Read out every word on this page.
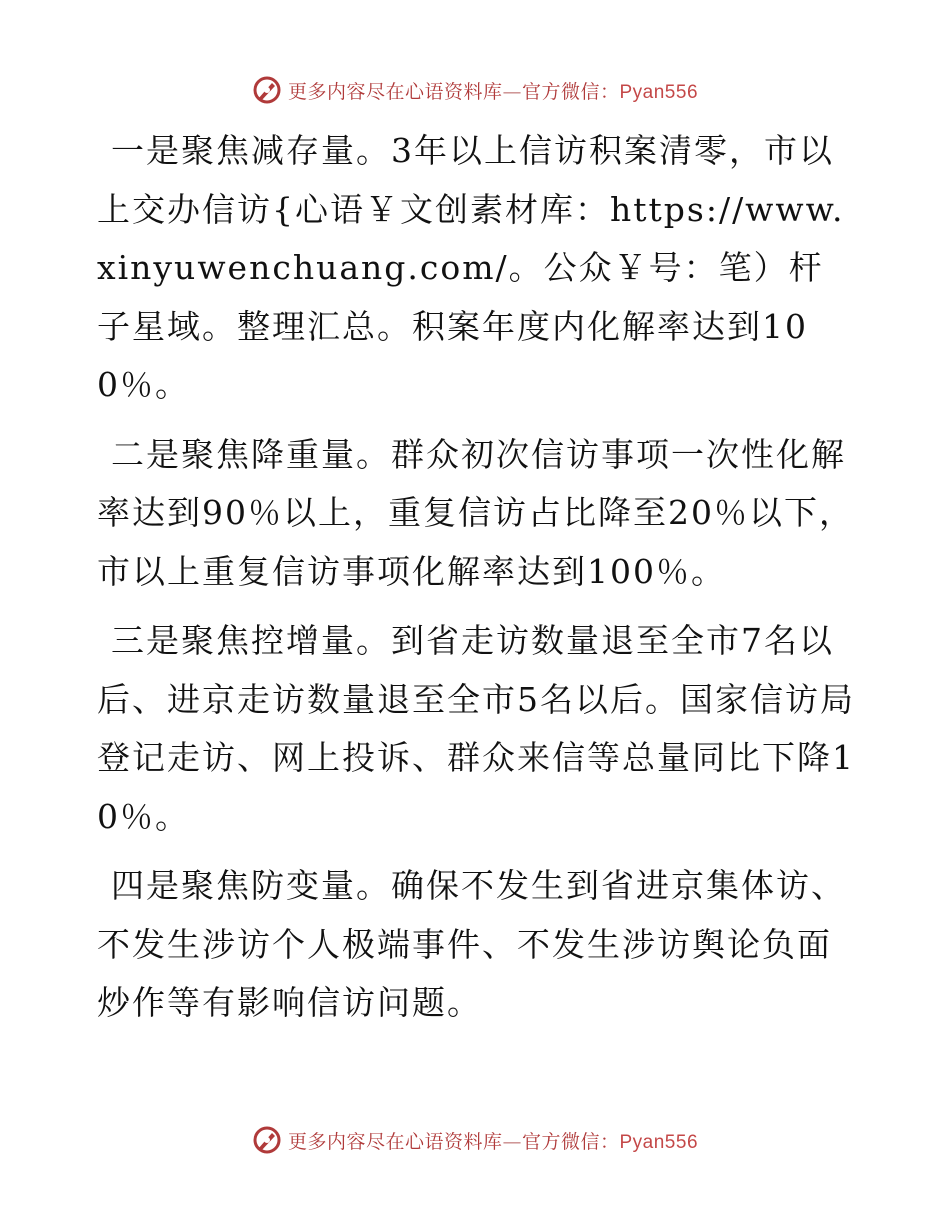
更多内容尽在心语资料库—官方微信：Pyan556

一是聚焦减存量。3年以上信访积案清零，市以上交办信访{心语￥文创素材库：https://www.xinyuwenchuang.com/。公众￥号：笔）杆子星域。整理汇总。积案年度内化解率达到100％。

二是聚焦降重量。群众初次信访事项一次性化解率达到90％以上，重复信访占比降至20％以下，市以上重复信访事项化解率达到100％。

三是聚焦控增量。到省走访数量退至全市7名以后、进京走访数量退至全市5名以后。国家信访局登记走访、网上投诉、群众来信等总量同比下降10％。

四是聚焦防变量。确保不发生到省进京集体访、不发生涉访个人极端事件、不发生涉访舆论负面炒作等有影响信访问题。

更多内容尽在心语资料库—官方微信：Pyan556
